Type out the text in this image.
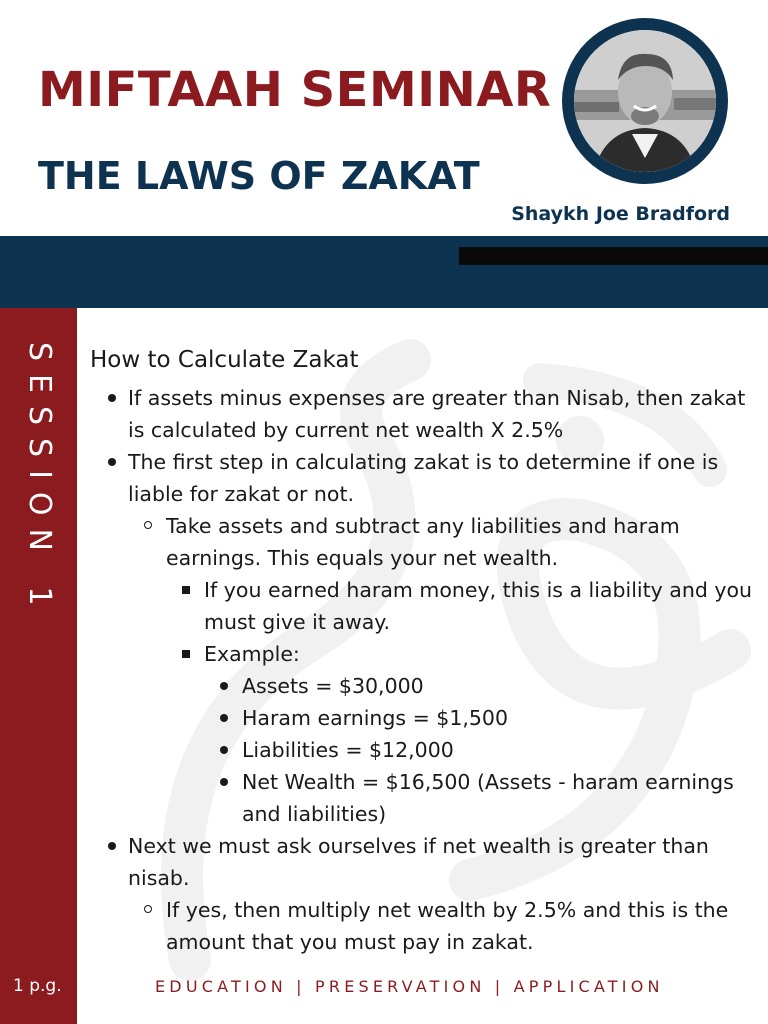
MIFTAAH SEMINAR
THE LAWS OF ZAKAT
Shaykh Joe Bradford
SESSION 1
1 p.g.
How to Calculate Zakat
If assets minus expenses are greater than Nisab, then zakat is calculated by current net wealth X 2.5%
The first step in calculating zakat is to determine if one is liable for zakat or not.
Take assets and subtract any liabilities and haram earnings. This equals your net wealth.
If you earned haram money, this is a liability and you must give it away.
Example:
Assets = $30,000
Haram earnings = $1,500
Liabilities = $12,000
Net Wealth = $16,500 (Assets - haram earnings and liabilities)
Next we must ask ourselves if net wealth is greater than nisab.
If yes, then multiply net wealth by 2.5% and this is the amount that you must pay in zakat.
EDUCATION | PRESERVATION | APPLICATION
